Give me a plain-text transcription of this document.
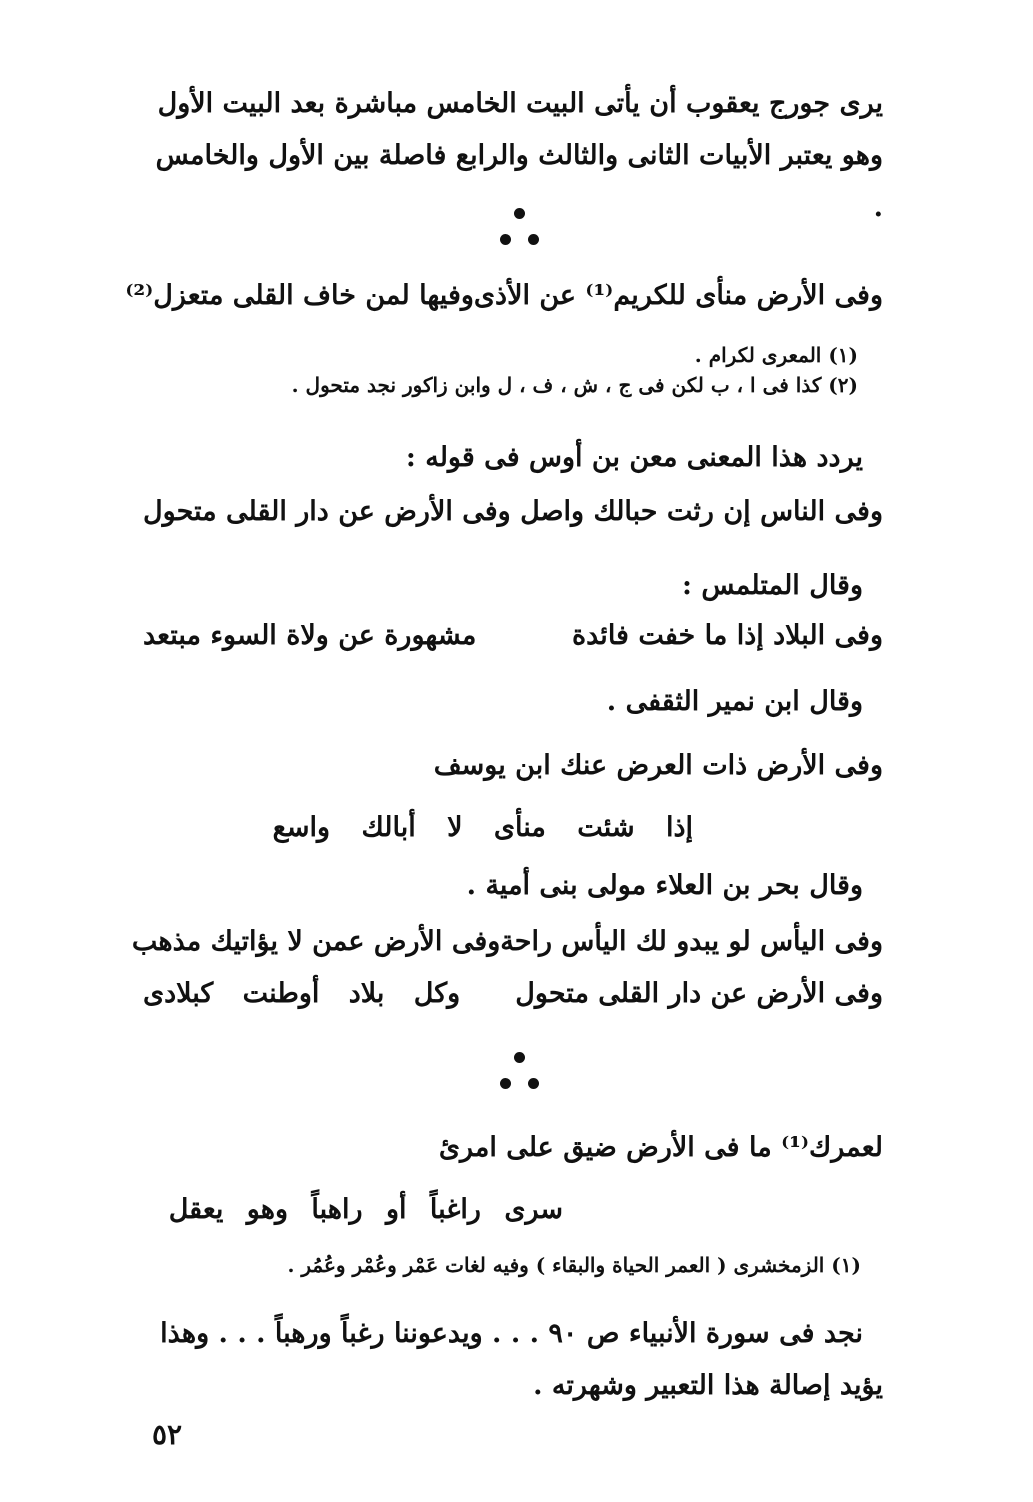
يرى جورج يعقوب أن يأتى البيت الخامس مباشرة بعد البيت الأول
وهو يعتبر الأبيات الثانى والثالث والرابع فاصلة بين الأول والخامس .
وفى الأرض منأى للكريم⁽¹⁾ عن الأذى
وفيها لمن خاف القلى متعزل⁽²⁾
(١) المعرى لكرام .
(٢) كذا فى ا ، ب لكن فى ج ، ش ، ف ، ل وابن زاكور نجد متحول .
يردد هذا المعنى معن بن أوس فى قوله :
وفى الناس إن رثت حبالك واصل
وفى الأرض عن دار القلى متحول
وقال المتلمس :
وفى البلاد إذا ما خفت فائدة
مشهورة عن ولاة السوء مبتعد
وقال ابن نمير الثقفى .
وفى الأرض ذات العرض عنك ابن يوسف
إذا شئت منأى لا أبالك واسع
وقال بحر بن العلاء مولى بنى أمية .
وفى اليأس لو يبدو لك اليأس راحة
وفى الأرض عمن لا يؤاتيك مذهب
وفى الأرض عن دار القلى متحول
وكل بلاد أوطنت كبلادى
لعمرك⁽¹⁾ ما فى الأرض ضيق على امرئ
سرى راغباً أو راهباً وهو يعقل
(١) الزمخشرى ( العمر الحياة والبقاء ) وفيه لغات عَمْر وعُمْر وعُمُر .
نجد فى سورة الأنبياء ص ٩٠ . . . ويدعوننا رغباً ورهباً . . . وهذا
يؤيد إصالة هذا التعبير وشهرته .
٥٢
